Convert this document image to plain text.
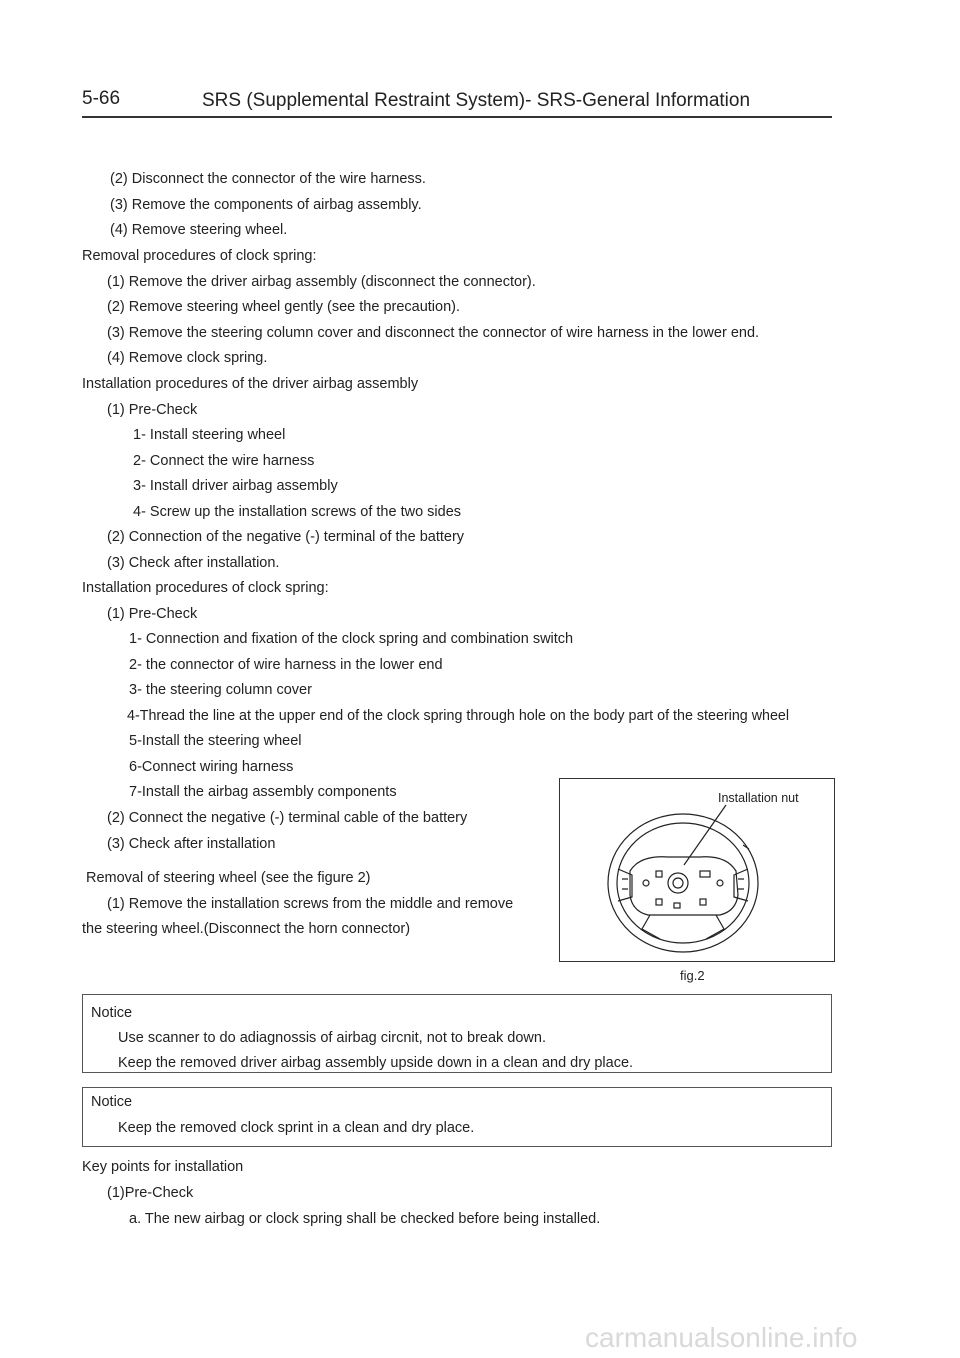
5-66	SRS (Supplemental Restraint System)- SRS-General Information
(2) Disconnect the connector of the wire harness.
(3) Remove the components of airbag assembly.
(4) Remove steering wheel.
Removal procedures of clock spring:
(1) Remove the driver airbag assembly (disconnect the connector).
(2) Remove steering wheel gently (see the precaution).
(3) Remove the steering column cover and disconnect the connector of wire harness in the lower end.
(4) Remove clock spring.
Installation procedures of the driver airbag assembly
(1) Pre-Check
1- Install steering wheel
2- Connect the wire harness
3- Install driver airbag assembly
4- Screw up the installation screws of the two sides
(2) Connection of the negative (-) terminal of the battery
(3) Check after installation.
Installation procedures of clock spring:
(1) Pre-Check
1- Connection and fixation of the clock spring and combination switch
2- the connector of wire harness in the lower end
3- the steering column cover
4-Thread the line at the upper end of the clock spring through hole on the body part of the steering wheel
5-Install the steering wheel
6-Connect wiring harness
7-Install the airbag assembly components
(2) Connect the negative (-) terminal cable of the battery
(3) Check after installation
Removal of steering wheel (see the figure 2)
(1) Remove the installation screws from the middle and remove
the steering wheel.(Disconnect the horn connector)
Installation nut
fig.2
Notice
Use scanner to do adiagnossis of airbag circnit, not to break down.
Keep the removed driver airbag assembly upside down in a clean and dry place.
Notice
Keep the removed clock sprint in a clean and dry place.
Key points for installation
(1)Pre-Check
a. The new airbag or clock spring shall be checked before being installed.
carmanualsonline.info
